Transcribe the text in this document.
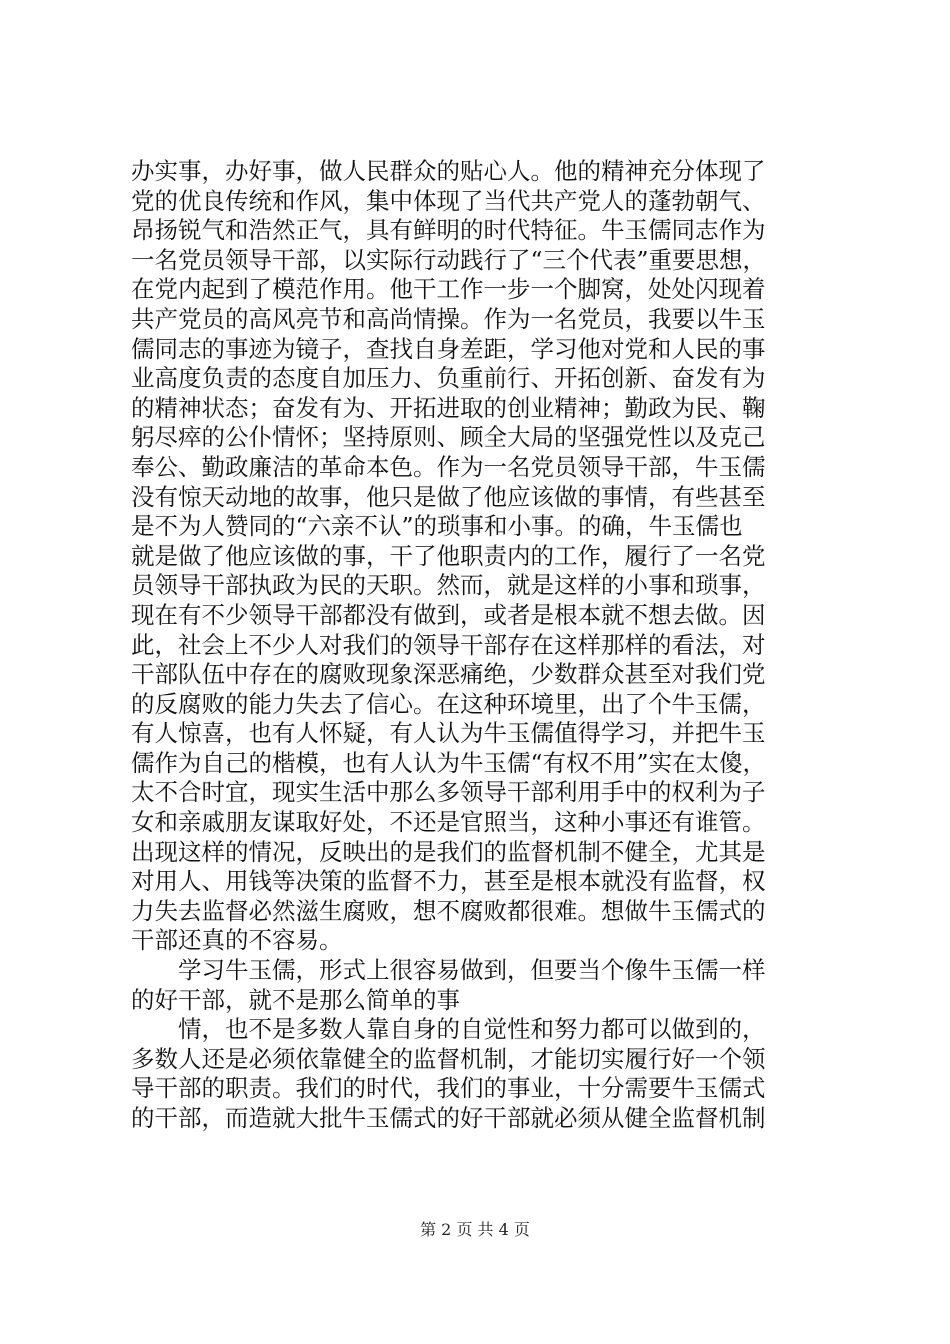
办实事，办好事，做人民群众的贴心人。他的精神充分体现了
党的优良传统和作风，集中体现了当代共产党人的蓬勃朝气、
昂扬锐气和浩然正气，具有鲜明的时代特征。牛玉儒同志作为
一名党员领导干部，以实际行动践行了“三个代表”重要思想，
在党内起到了模范作用。他干工作一步一个脚窝，处处闪现着
共产党员的高风亮节和高尚情操。作为一名党员，我要以牛玉
儒同志的事迹为镜子，查找自身差距，学习他对党和人民的事
业高度负责的态度自加压力、负重前行、开拓创新、奋发有为
的精神状态；奋发有为、开拓进取的创业精神；勤政为民、鞠
躬尽瘁的公仆情怀；坚持原则、顾全大局的坚强党性以及克己
奉公、勤政廉洁的革命本色。作为一名党员领导干部，牛玉儒
没有惊天动地的故事，他只是做了他应该做的事情，有些甚至
是不为人赞同的“六亲不认”的琐事和小事。的确，牛玉儒也
就是做了他应该做的事，干了他职责内的工作，履行了一名党
员领导干部执政为民的天职。然而，就是这样的小事和琐事，
现在有不少领导干部都没有做到，或者是根本就不想去做。因
此，社会上不少人对我们的领导干部存在这样那样的看法，对
干部队伍中存在的腐败现象深恶痛绝，少数群众甚至对我们党
的反腐败的能力失去了信心。在这种环境里，出了个牛玉儒，
有人惊喜，也有人怀疑，有人认为牛玉儒值得学习，并把牛玉
儒作为自己的楷模，也有人认为牛玉儒“有权不用”实在太傻，
太不合时宜，现实生活中那么多领导干部利用手中的权利为子
女和亲戚朋友谋取好处，不还是官照当，这种小事还有谁管。
出现这样的情况，反映出的是我们的监督机制不健全，尤其是
对用人、用钱等决策的监督不力，甚至是根本就没有监督，权
力失去监督必然滋生腐败，想不腐败都很难。想做牛玉儒式的
干部还真的不容易。
学习牛玉儒，形式上很容易做到，但要当个像牛玉儒一样
的好干部，就不是那么简单的事
情，也不是多数人靠自身的自觉性和努力都可以做到的，
多数人还是必须依靠健全的监督机制，才能切实履行好一个领
导干部的职责。我们的时代，我们的事业，十分需要牛玉儒式
的干部，而造就大批牛玉儒式的好干部就必须从健全监督机制
第 2 页 共 4 页
